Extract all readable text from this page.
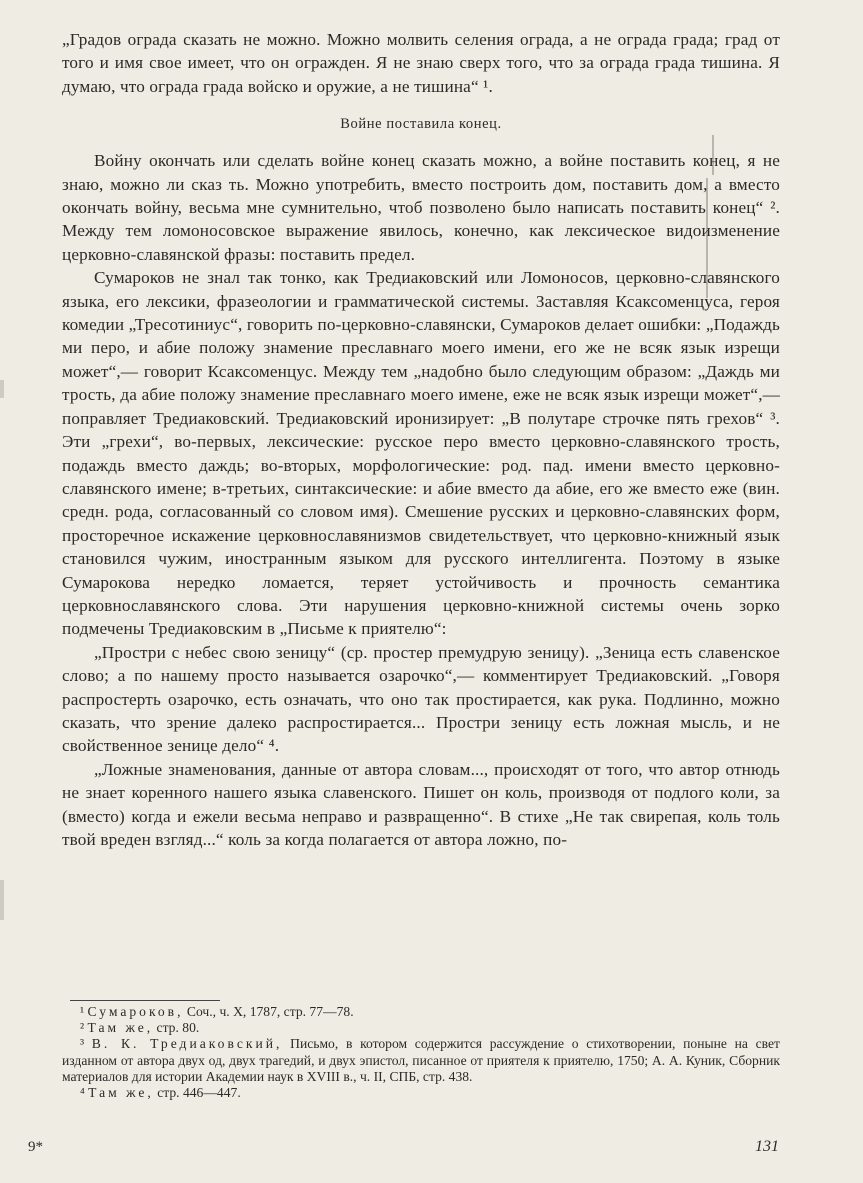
„Градов ограда сказать не можно. Можно молвить селения ограда, а не ограда града; град от того и имя свое имеет, что он огражден. Я не знаю сверх того, что за ограда града тишина. Я думаю, что ограда града войско и оружие, а не тишина“ ¹.

Войне поставила конец.

Войну окончать или сделать войне конец сказать можно, а войне поставить конец, я не знаю, можно ли сказ ть. Можно употребить, вместо построить дом, поставить дом, а вместо окончать войну, весьма мне сумнительно, чтоб позволено было написать поставить конец“ ². Между тем ломоносовское выражение явилось, конечно, как лексическое видоизменение церковно-славянской фразы: поставить предел.

Сумароков не знал так тонко, как Тредиаковский или Ломоносов, церковно-славянского языка, его лексики, фразеологии и грамматической системы. Заставляя Ксаксоменцуса, героя комедии „Тресотиниус“, говорить по-церковно-славянски, Сумароков делает ошибки: „Подаждь ми перо, и абие положу знамение преславнаго моего имени, его же не всяк язык изрещи может“,— говорит Ксаксоменцус. Между тем „надобно было следующим образом: „Даждь ми трость, да абие положу знамение преславнаго моего имене, еже не всяк язык изрещи может“,— поправляет Тредиаковский. Тредиаковский иронизирует: „В полутаре строчке пять грехов“ ³. Эти „грехи“, во-первых, лексические: русское перо вместо церковно-славянского трость, подаждь вместо даждь; во-вторых, морфологические: род. пад. имени вместо церковно-славянского имене; в-третьих, синтаксические: и абие вместо да абие, его же вместо еже (вин. средн. рода, согласованный со словом имя). Смешение русских и церковно-славянских форм, просторечное искажение церковнославянизмов свидетельствует, что церковно-книжный язык становился чужим, иностранным языком для русского интеллигента. Поэтому в языке Сумарокова нередко ломается, теряет устойчивость и прочность семантика церковнославянского слова. Эти нарушения церковно-книжной системы очень зорко подмечены Тредиаковским в „Письме к приятелю“:

„Простри с небес свою зеницу“ (ср. простер премудрую зеницу). „Зеница есть славенское слово; а по нашему просто называется озарочко“,— комментирует Тредиаковский. „Говоря распростерть озарочко, есть означать, что оно так простирается, как рука. Подлинно, можно сказать, что зрение далеко распростирается... Простри зеницу есть ложная мысль, и не свойственное зенице дело“ ⁴.

„Ложные знаменования, данные от автора словам..., происходят от того, что автор отнюдь не знает коренного нашего языка славенского. Пишет он коль, производя от подлого коли, за (вместо) когда и ежели весьма неправо и развращенно“. В стихе „Не так свирепая, коль толь твой вреден взгляд...“ коль за когда полагается от автора ложно, по-

¹ Сумароков, Соч., ч. X, 1787, стр. 77—78.

² Там же, стр. 80.

³ В. К. Тредиаковский, Письмо, в котором содержится рассуждение о стихотворении, поныне на свет изданном от автора двух од, двух трагедий, и двух эпистол, писанное от приятеля к приятелю, 1750; А. А. Куник, Сборник материалов для истории Академии наук в XVIII в., ч. II, СПБ, стр. 438.

⁴ Там же, стр. 446—447.

9*	131
